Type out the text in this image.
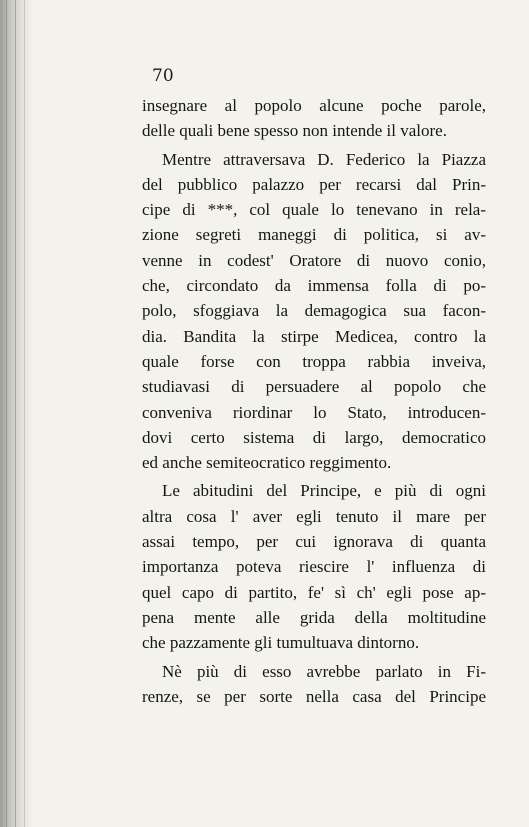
70

insegnare al popolo alcune poche parole,
delle quali bene spesso non intende il valore.
Mentre attraversava D. Federico la Piazza
del pubblico palazzo per recarsi dal Prin-
cipe di ***, col quale lo tenevano in rela-
zione segreti maneggi di politica, si av-
venne in codest' Oratore di nuovo conio,
che, circondato da immensa folla di po-
polo, sfoggiava la demagogica sua facon-
dia. Bandita la stirpe Medicea, contro la
quale forse con troppa rabbia inveiva,
studiavasi di persuadere al popolo che
conveniva riordinar lo Stato, introducen-
dovi certo sistema di largo, democratico
ed anche semiteocratico reggimento.
Le abitudini del Principe, e più di ogni
altra cosa l' aver egli tenuto il mare per
assai tempo, per cui ignorava di quanta
importanza poteva riescire l' influenza di
quel capo di partito, fe' sì ch' egli pose ap-
pena mente alle grida della moltitudine
che pazzamente gli tumultuava dintorno.
Nè più di esso avrebbe parlato in Fi-
renze, se per sorte nella casa del Principe
